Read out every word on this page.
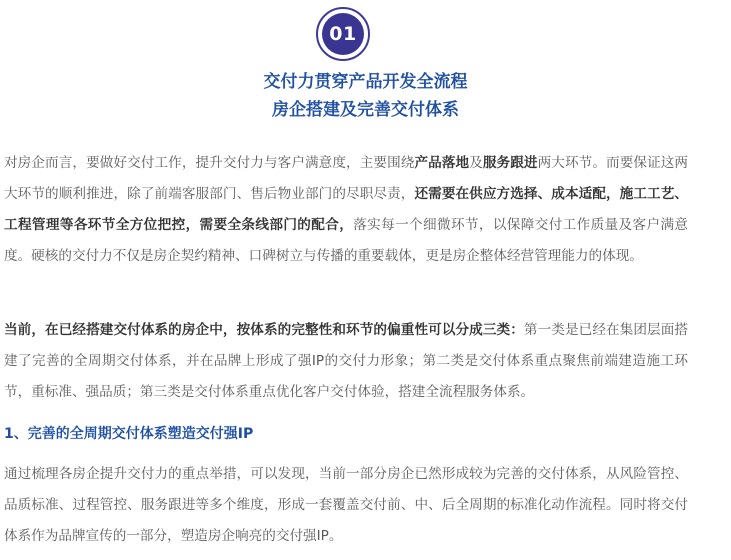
01
交付力贯穿产品开发全流程
房企搭建及完善交付体系

对房企而言，要做好交付工作，提升交付力与客户满意度，主要围绕产品落地及服务跟进两大环节。而要保证这两大环节的顺利推进，除了前端客服部门、售后物业部门的尽职尽责，还需要在供应方选择、成本适配，施工工艺、工程管理等各环节全方位把控，需要全条线部门的配合，落实每一个细微环节，以保障交付工作质量及客户满意度。硬核的交付力不仅是房企契约精神、口碑树立与传播的重要载体，更是房企整体经营管理能力的体现。

当前，在已经搭建交付体系的房企中，按体系的完整性和环节的偏重性可以分成三类：第一类是已经在集团层面搭建了完善的全周期交付体系，并在品牌上形成了强IP的交付力形象；第二类是交付体系重点聚焦前端建造施工环节，重标准、强品质；第三类是交付体系重点优化客户交付体验，搭建全流程服务体系。

1、完善的全周期交付体系塑造交付强IP

通过梳理各房企提升交付力的重点举措，可以发现，当前一部分房企已然形成较为完善的交付体系，从风险管控、品质标准、过程管控、服务跟进等多个维度，形成一套覆盖交付前、中、后全周期的标准化动作流程。同时将交付体系作为品牌宣传的一部分，塑造房企响亮的交付强IP。
